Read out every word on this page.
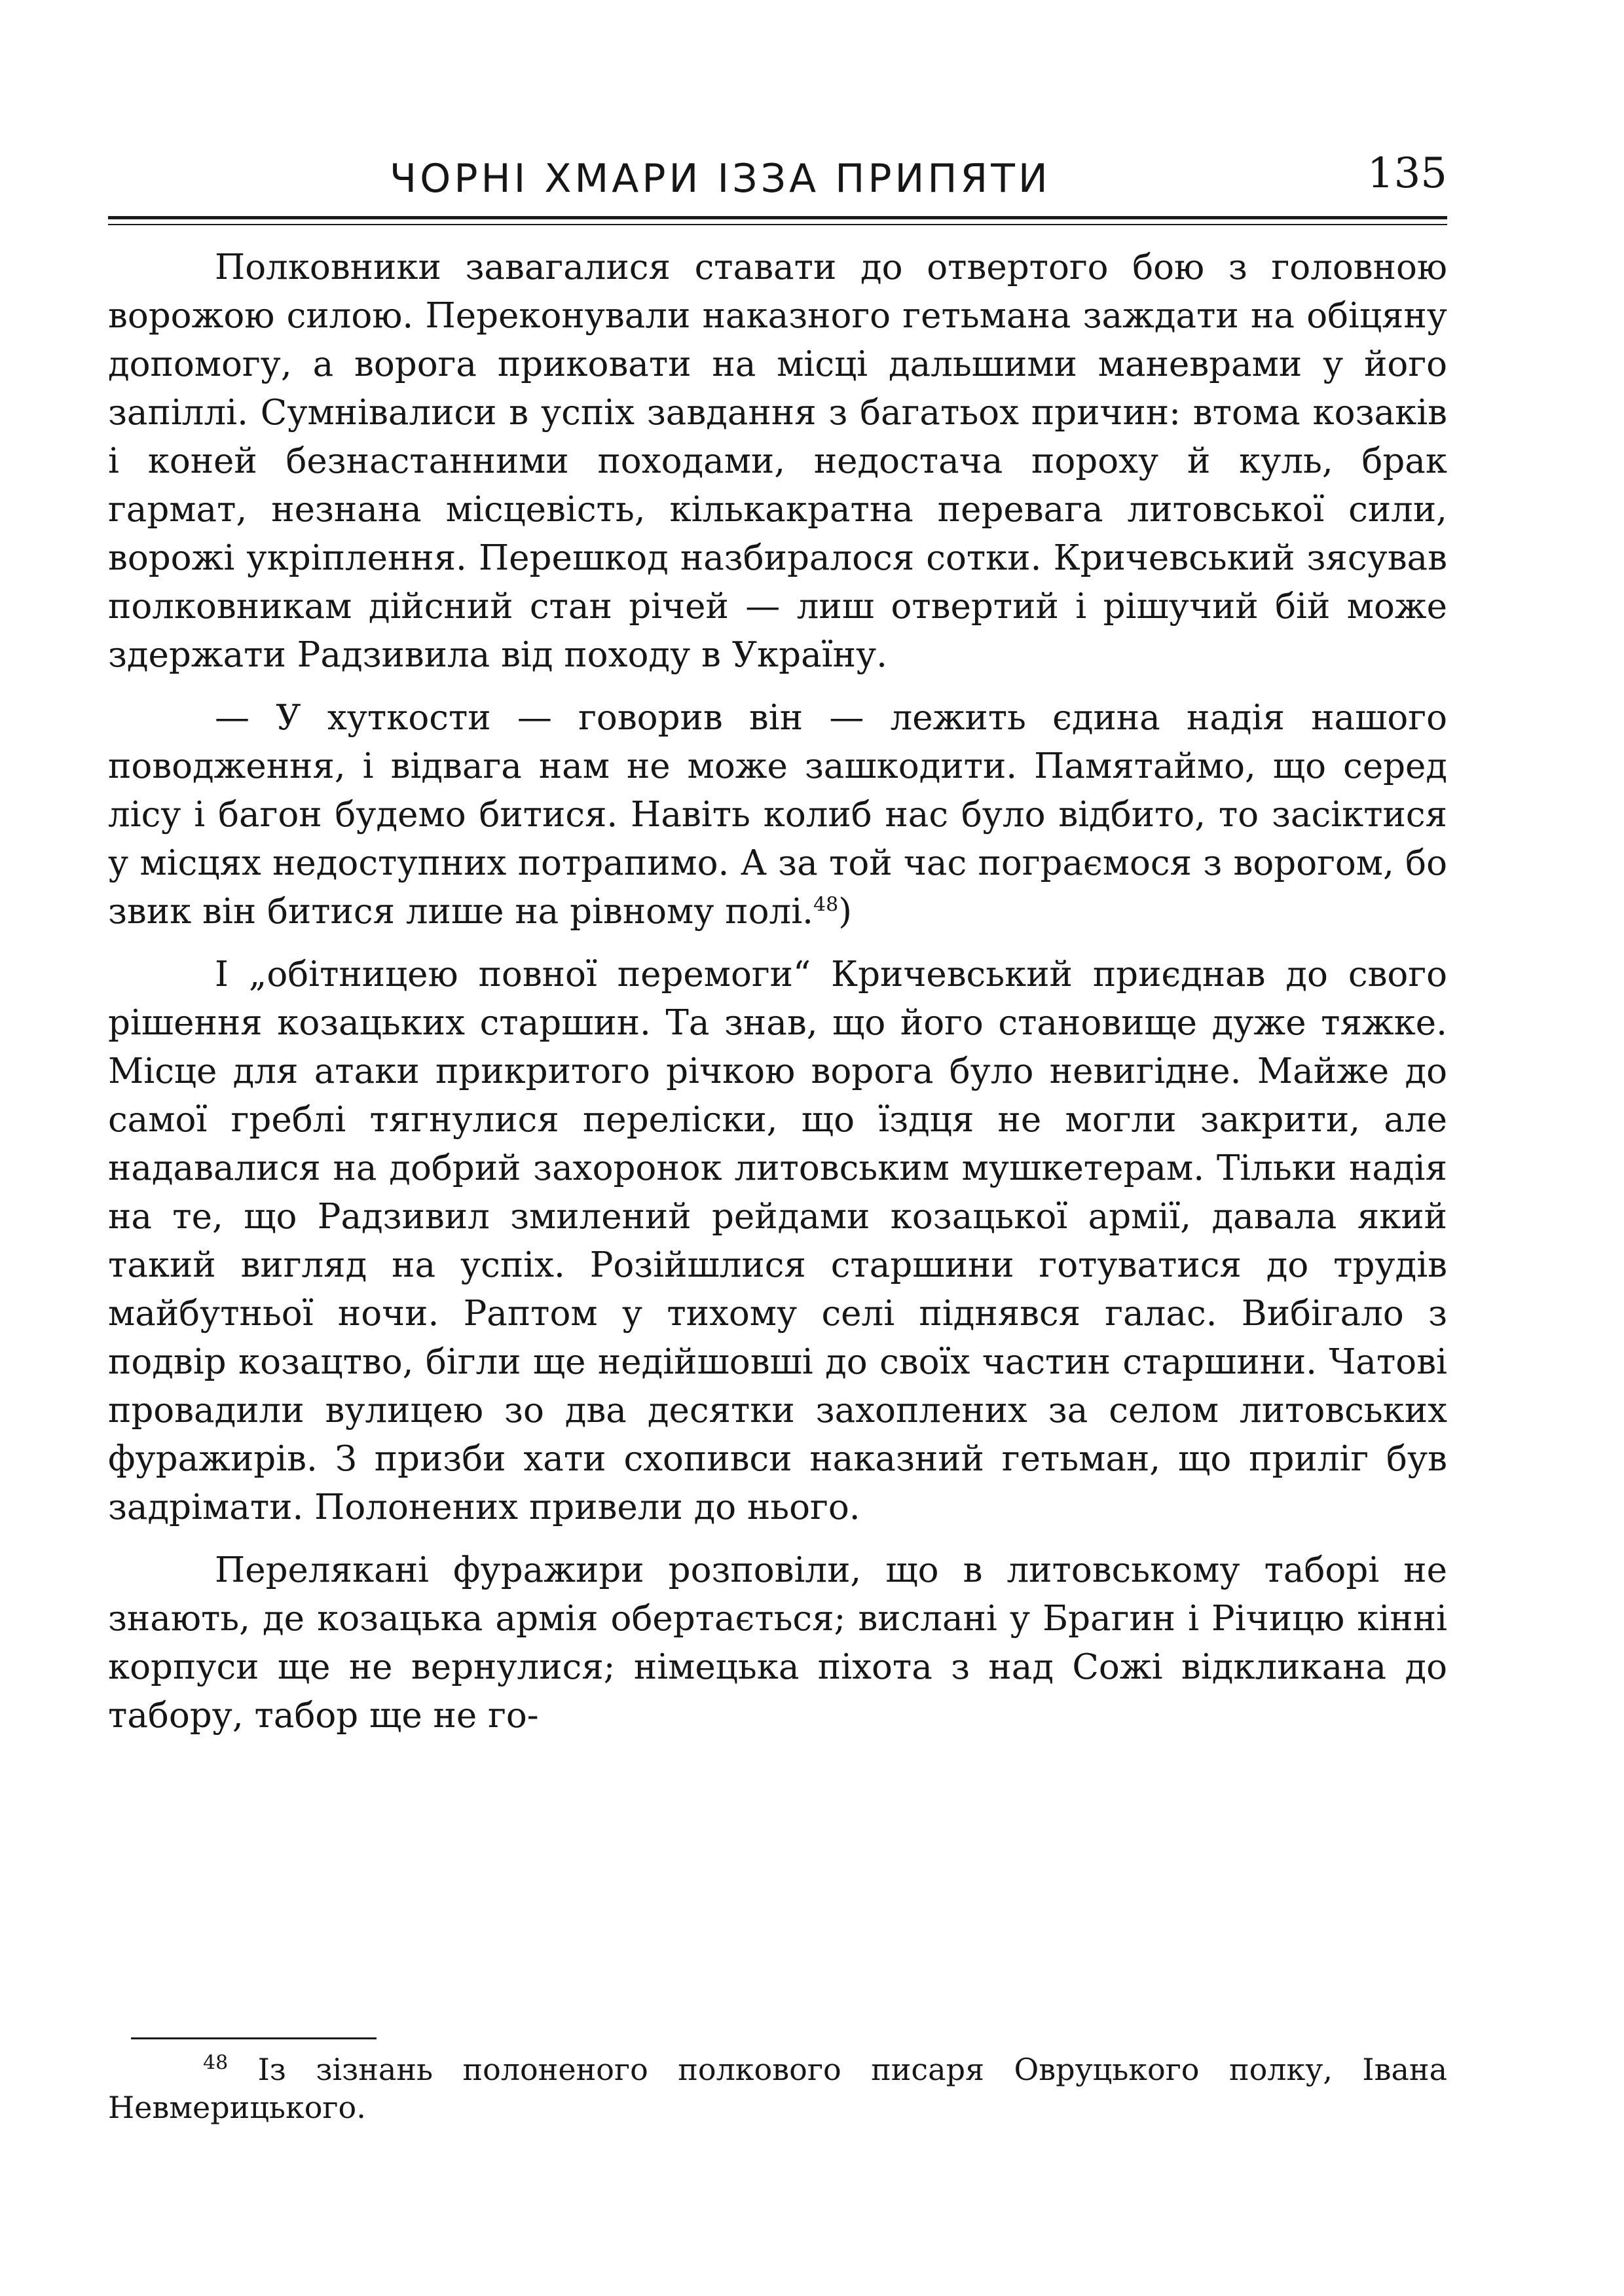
ЧОРНІ ХМАРИ ІЗЗА ПРИПЯТИ	135

Полковники завагалися ставати до отвертого бою з головною ворожою силою. Переконували наказного гетьмана заждати на обіцяну допомогу, а ворога приковати на місці дальшими маневрами у його запіллі. Сумнівалиси в успіх завдання з багатьох причин: втома козаків і коней безнастанними походами, недостача пороху й куль, брак гармат, незнана місцевість, кількакратна перевага литовської сили, ворожі укріплення. Перешкод назбиралося сотки. Кричевський зясував полковникам дійсний стан річей — лиш отвертий і рішучий бій може здержати Радзивила від походу в Україну.

— У хуткости — говорив він — лежить єдина надія нашого поводження, і відвага нам не може зашкодити. Памятаймо, що серед лісу і багон будемо битися. Навіть колиб нас було відбито, то засіктися у місцях недоступних потрапимо. А за той час пограємося з ворогом, бо звик він битися лише на рівному полі.$^{48}$)

І „обітницею повної перемоги“ Кричевський приєднав до свого рішення козацьких старшин. Та знав, що його становище дуже тяжке. Місце для атаки прикритого річкою ворога було невигідне. Майже до самої греблі тягнулися переліски, що їздця не могли закрити, але надавалися на добрий захоронок литовським мушкетерам. Тільки надія на те, що Радзивил змилений рейдами козацької армії, давала який такий вигляд на успіх. Розійшлися старшини готуватися до трудів майбутньої ночи. Раптом у тихому селі піднявся галас. Вибігало з подвір козацтво, бігли ще недійшовші до своїх частин старшини. Чатові провадили вулицею зо два десятки захоплених за селом литовських фуражирів. З призби хати схопивси наказний гетьман, що приліг був задрімати. Полонених привели до нього.

Перелякані фуражири розповіли, що в литовському таборі не знають, де козацька армія обертається; вислані у Брагин і Річицю кінні корпуси ще не вернулися; німецька піхота з над Сожі відкликана до табору, табор ще не го-

$^{48}$ Із зізнань полоненого полкового писаря Овруцького полку, Івана Невмерицького.
